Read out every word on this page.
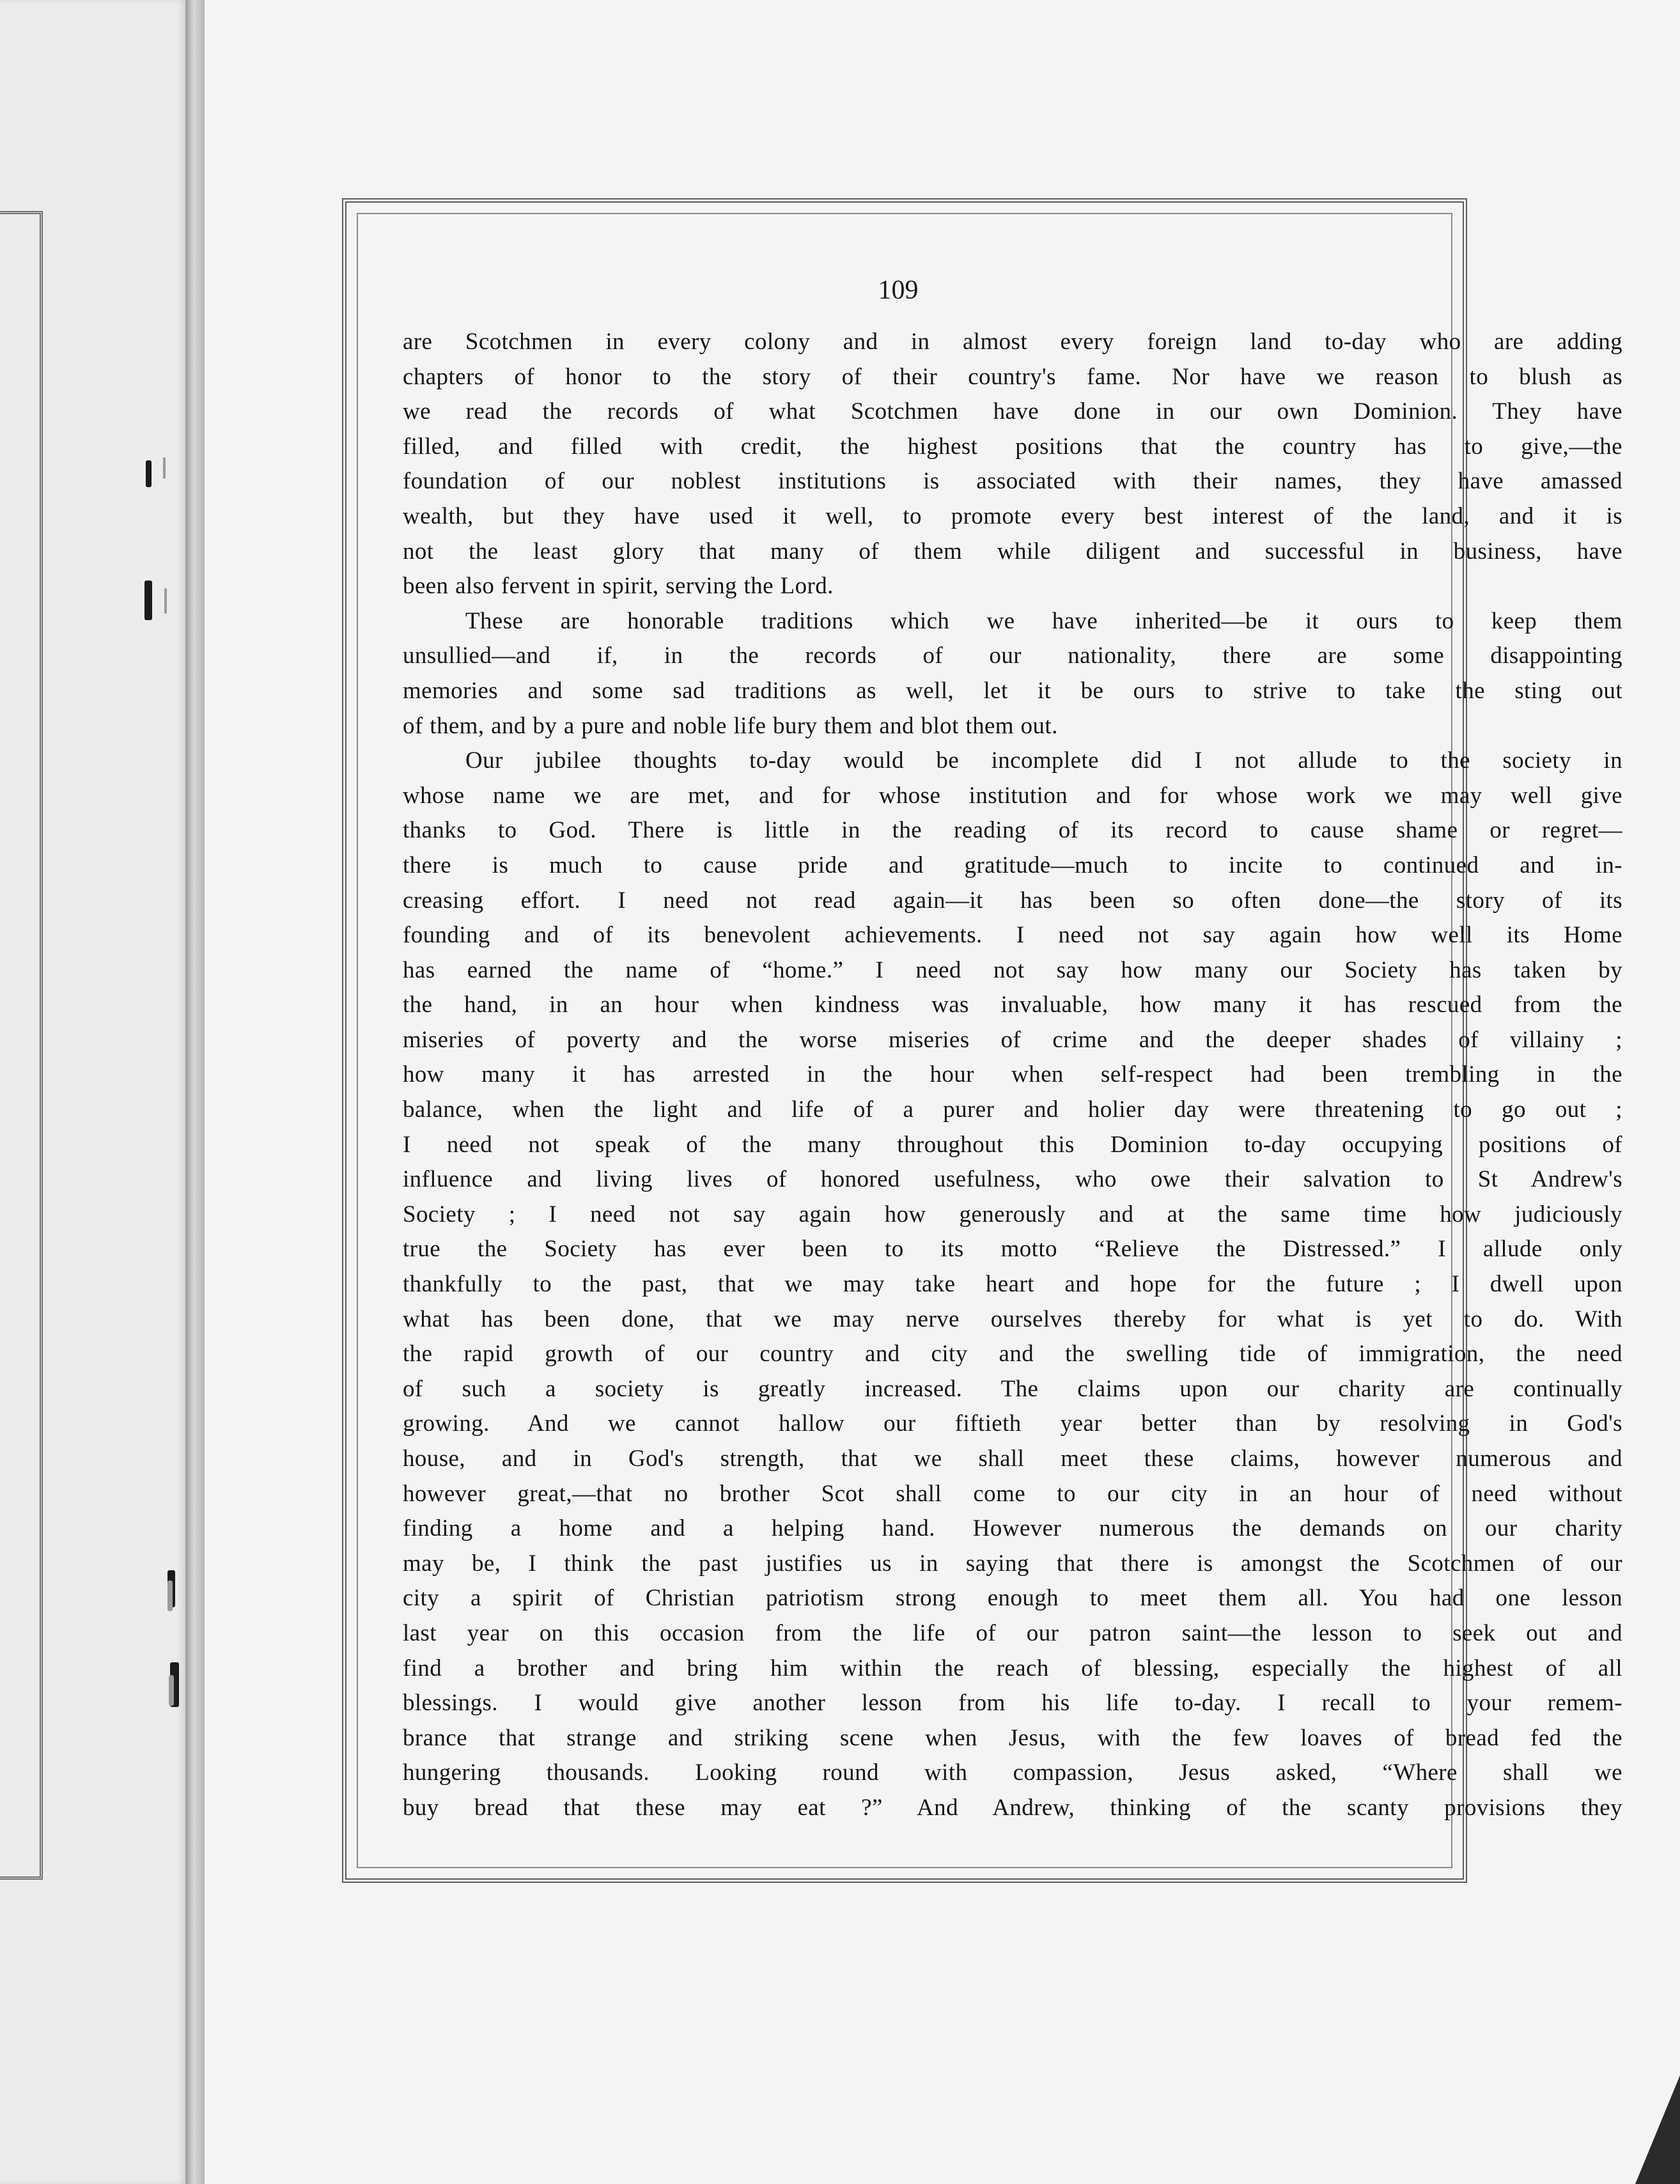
109
are Scotchmen in every colony and in almost every foreign land to-day who are adding
chapters of honor to the story of their country's fame. Nor have we reason to blush as
we read the records of what Scotchmen have done in our own Dominion. They have
filled, and filled with credit, the highest positions that the country has to give,—the
foundation of our noblest institutions is associated with their names, they have amassed
wealth, but they have used it well, to promote every best interest of the land, and it is
not the least glory that many of them while diligent and successful in business, have
been also fervent in spirit, serving the Lord.
These are honorable traditions which we have inherited—be it ours to keep them
unsullied—and if, in the records of our nationality, there are some disappointing
memories and some sad traditions as well, let it be ours to strive to take the sting out
of them, and by a pure and noble life bury them and blot them out.
Our jubilee thoughts to-day would be incomplete did I not allude to the society in
whose name we are met, and for whose institution and for whose work we may well give
thanks to God. There is little in the reading of its record to cause shame or regret—
there is much to cause pride and gratitude—much to incite to continued and in-
creasing effort. I need not read again—it has been so often done—the story of its
founding and of its benevolent achievements. I need not say again how well its Home
has earned the name of “home.” I need not say how many our Society has taken by
the hand, in an hour when kindness was invaluable, how many it has rescued from the
miseries of poverty and the worse miseries of crime and the deeper shades of villainy ;
how many it has arrested in the hour when self-respect had been trembling in the
balance, when the light and life of a purer and holier day were threatening to go out ;
I need not speak of the many throughout this Dominion to-day occupying positions of
influence and living lives of honored usefulness, who owe their salvation to St Andrew's
Society ; I need not say again how generously and at the same time how judiciously
true the Society has ever been to its motto “Relieve the Distressed.” I allude only
thankfully to the past, that we may take heart and hope for the future ; I dwell upon
what has been done, that we may nerve ourselves thereby for what is yet to do. With
the rapid growth of our country and city and the swelling tide of immigration, the need
of such a society is greatly increased. The claims upon our charity are continually
growing. And we cannot hallow our fiftieth year better than by resolving in God's
house, and in God's strength, that we shall meet these claims, however numerous and
however great,—that no brother Scot shall come to our city in an hour of need without
finding a home and a helping hand. However numerous the demands on our charity
may be, I think the past justifies us in saying that there is amongst the Scotchmen of our
city a spirit of Christian patriotism strong enough to meet them all. You had one lesson
last year on this occasion from the life of our patron saint—the lesson to seek out and
find a brother and bring him within the reach of blessing, especially the highest of all
blessings. I would give another lesson from his life to-day. I recall to your remem-
brance that strange and striking scene when Jesus, with the few loaves of bread fed the
hungering thousands. Looking round with compassion, Jesus asked, “Where shall we
buy bread that these may eat ?” And Andrew, thinking of the scanty provisions they
